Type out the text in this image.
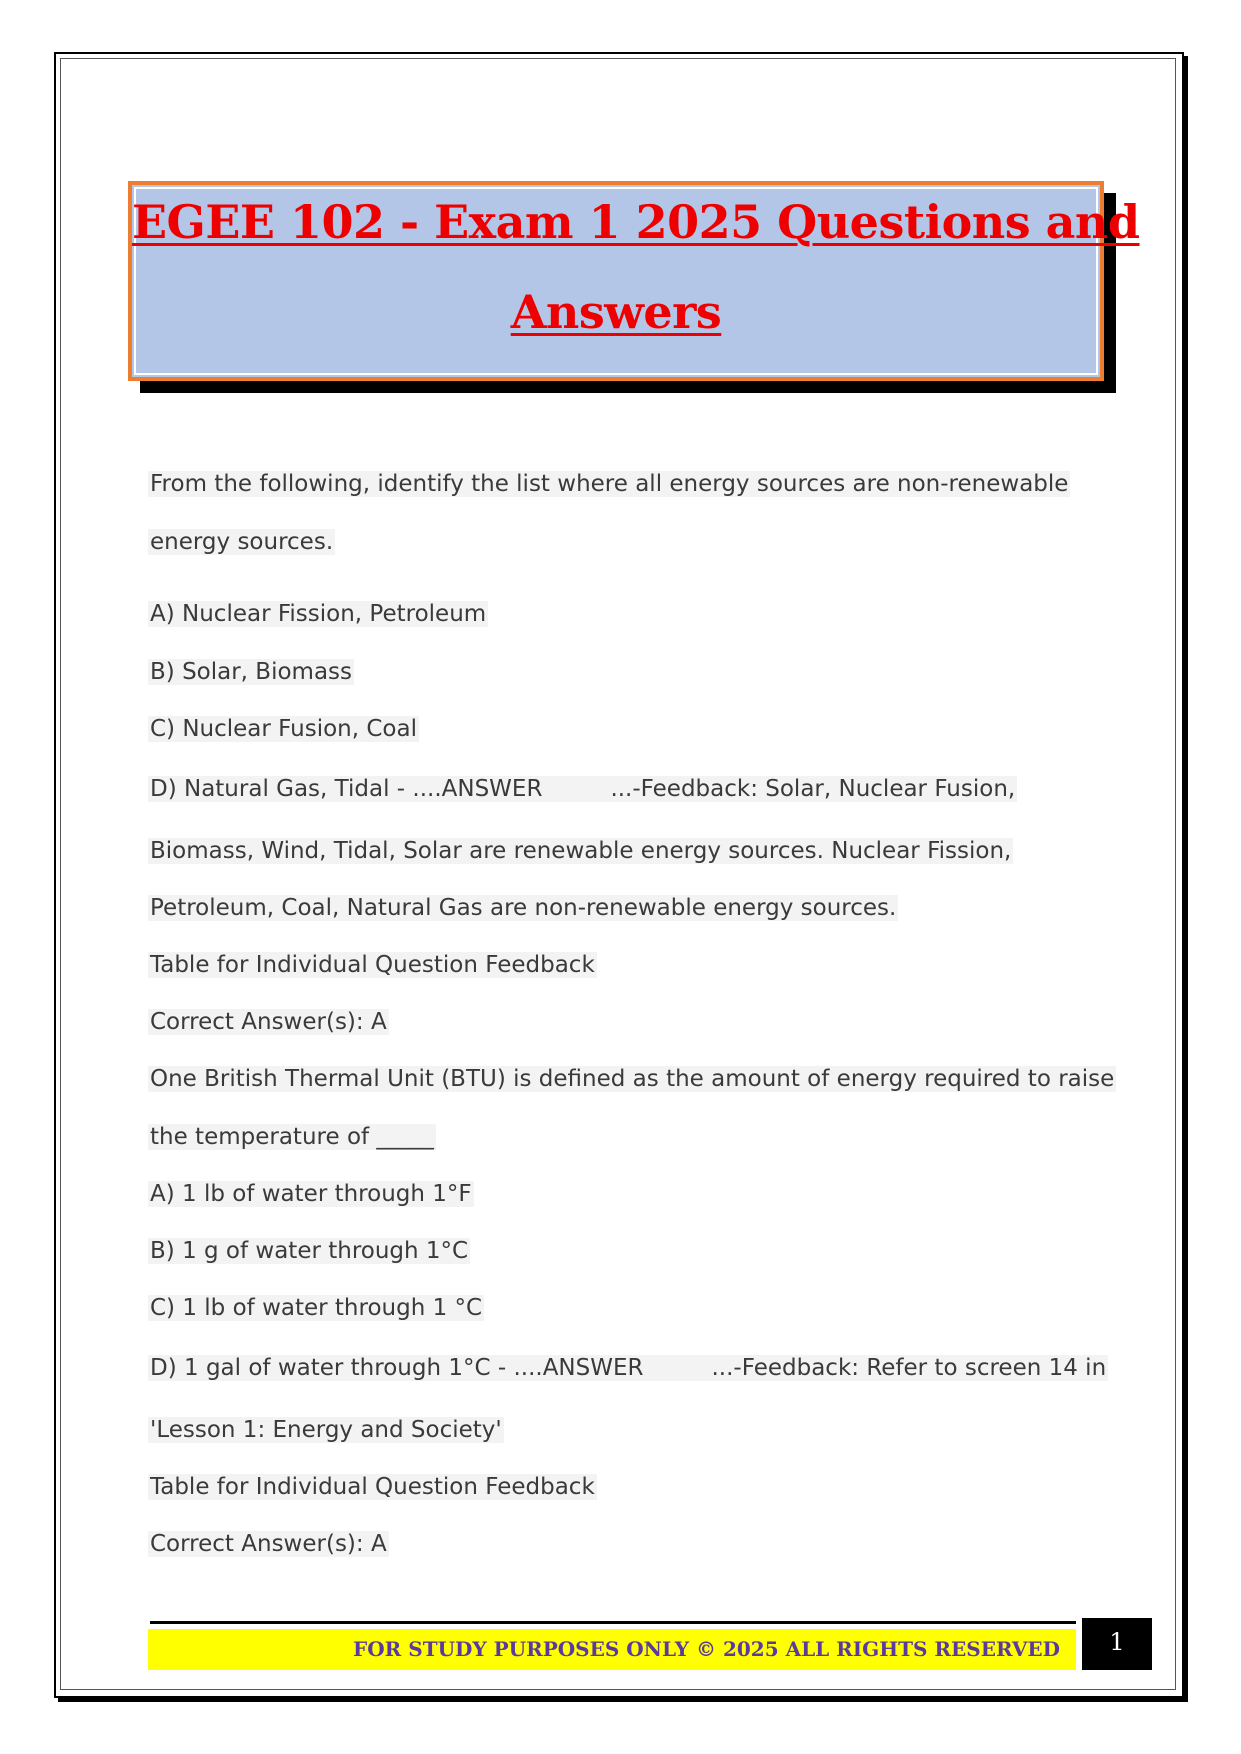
EGEE 102 - Exam 1 2025 Questions and
Answers
From the following, identify the list where all energy sources are non-renewable
energy sources.
A) Nuclear Fission, Petroleum
B) Solar, Biomass
C) Nuclear Fusion, Coal
D) Natural Gas, Tidal - ....ANSWER	...-Feedback: Solar, Nuclear Fusion,
Biomass, Wind, Tidal, Solar are renewable energy sources. Nuclear Fission,
Petroleum, Coal, Natural Gas are non-renewable energy sources.
Table for Individual Question Feedback
Correct Answer(s): A
One British Thermal Unit (BTU) is defined as the amount of energy required to raise
the temperature of _____
A) 1 lb of water through 1°F
B) 1 g of water through 1°C
C) 1 lb of water through 1 °C
D) 1 gal of water through 1°C - ....ANSWER	...-Feedback: Refer to screen 14 in
'Lesson 1: Energy and Society'
Table for Individual Question Feedback
Correct Answer(s): A
FOR STUDY PURPOSES ONLY © 2025 ALL RIGHTS RESERVED	1
